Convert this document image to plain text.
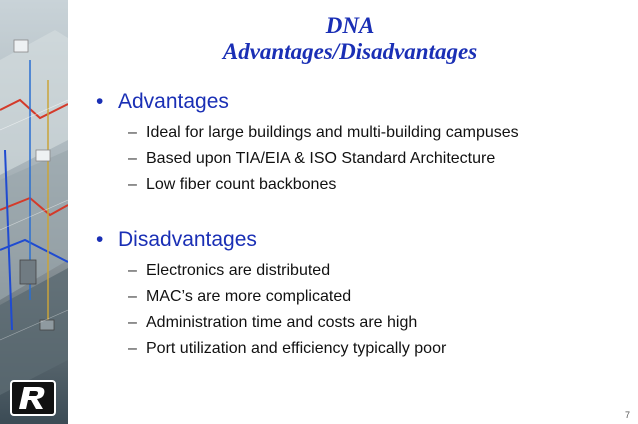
DNA
Advantages/Disadvantages
• Advantages
– Ideal for large buildings and multi-building campuses
– Based upon TIA/EIA & ISO Standard Architecture
– Low fiber count backbones
• Disadvantages
– Electronics are distributed
– MAC’s are more complicated
– Administration time and costs are high
– Port utilization and efficiency typically poor
7
